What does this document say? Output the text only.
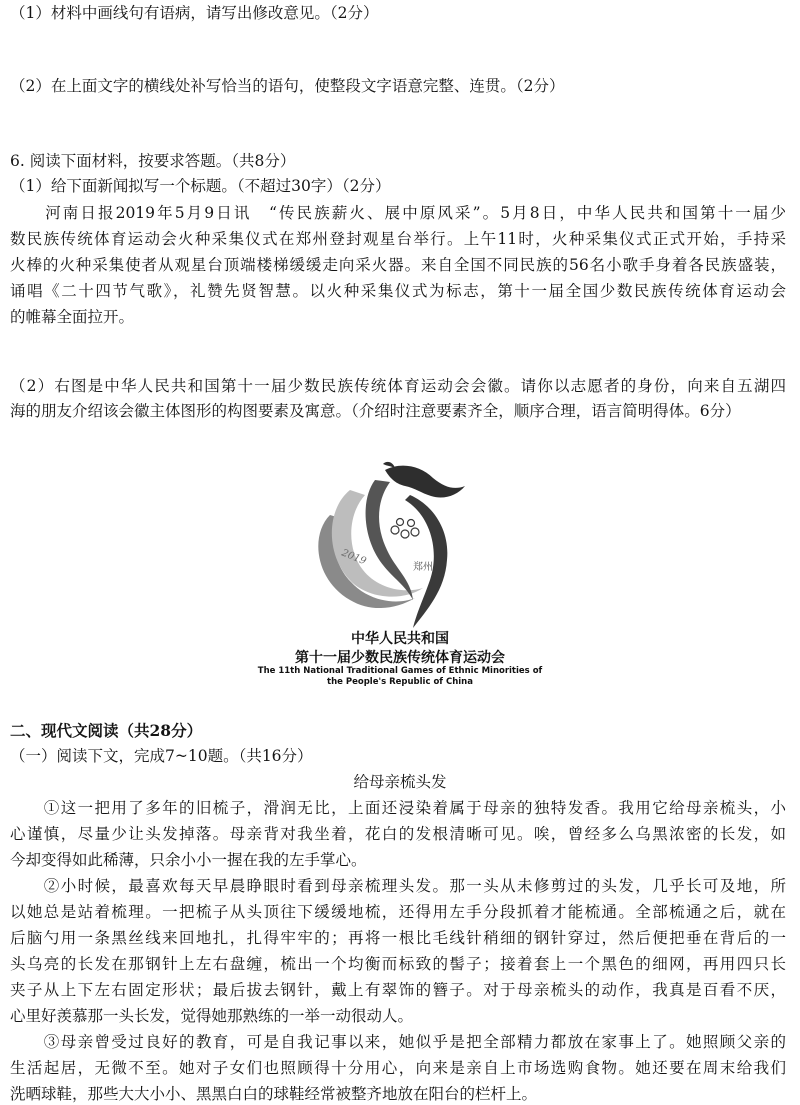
（1）材料中画线句有语病，请写出修改意见。（2分）
（2）在上面文字的横线处补写恰当的语句，使整段文字语意完整、连贯。（2分）
6. 阅读下面材料，按要求答题。（共8分）
（1）给下面新闻拟写一个标题。（不超过30字）（2分）
　　河南日报2019年5月9日讯　“传民族薪火、展中原风采”。5月8日，中华人民共和国第十一届少
数民族传统体育运动会火种采集仪式在郑州登封观星台举行。上午11时，火种采集仪式正式开始，手持采
火棒的火种采集使者从观星台顶端楼梯缓缓走向采火器。来自全国不同民族的56名小歌手身着各民族盛装，
诵唱《二十四节气歌》，礼赞先贤智慧。以火种采集仪式为标志，第十一届全国少数民族传统体育运动会
的帷幕全面拉开。
（2）右图是中华人民共和国第十一届少数民族传统体育运动会会徽。请你以志愿者的身份，向来自五湖四
海的朋友介绍该会徽主体图形的构图要素及寓意。（介绍时注意要素齐全，顺序合理，语言简明得体。6分）
2019
郑州
中华人民共和国
第十一届少数民族传统体育运动会
The 11th National Traditional Games of Ethnic Minorities of
the People's Republic of China
二、现代文阅读（共28分）
（一）阅读下文，完成7~10题。（共16分）
给母亲梳头发
　　①这一把用了多年的旧梳子，滑润无比，上面还浸染着属于母亲的独特发香。我用它给母亲梳头，小
心谨慎，尽量少让头发掉落。母亲背对我坐着，花白的发根清晰可见。唉，曾经多么乌黑浓密的长发，如
今却变得如此稀薄，只余小小一握在我的左手掌心。
　　②小时候，最喜欢每天早晨睁眼时看到母亲梳理头发。那一头从未修剪过的头发，几乎长可及地，所
以她总是站着梳理。一把梳子从头顶往下缓缓地梳，还得用左手分段抓着才能梳通。全部梳通之后，就在
后脑勺用一条黑丝线来回地扎，扎得牢牢的；再将一根比毛线针稍细的钢针穿过，然后便把垂在背后的一
头乌亮的长发在那钢针上左右盘缠，梳出一个均衡而标致的髻子；接着套上一个黑色的细网，再用四只长
夹子从上下左右固定形状；最后拔去钢针，戴上有翠饰的簪子。对于母亲梳头的动作，我真是百看不厌，
心里好羡慕那一头长发，觉得她那熟练的一举一动很动人。
　　③母亲曾受过良好的教育，可是自我记事以来，她似乎是把全部精力都放在家事上了。她照顾父亲的
生活起居，无微不至。她对子女们也照顾得十分用心，向来是亲自上市场选购食物。她还要在周末给我们
洗晒球鞋，那些大大小小、黑黑白白的球鞋经常被整齐地放在阳台的栏杆上。
